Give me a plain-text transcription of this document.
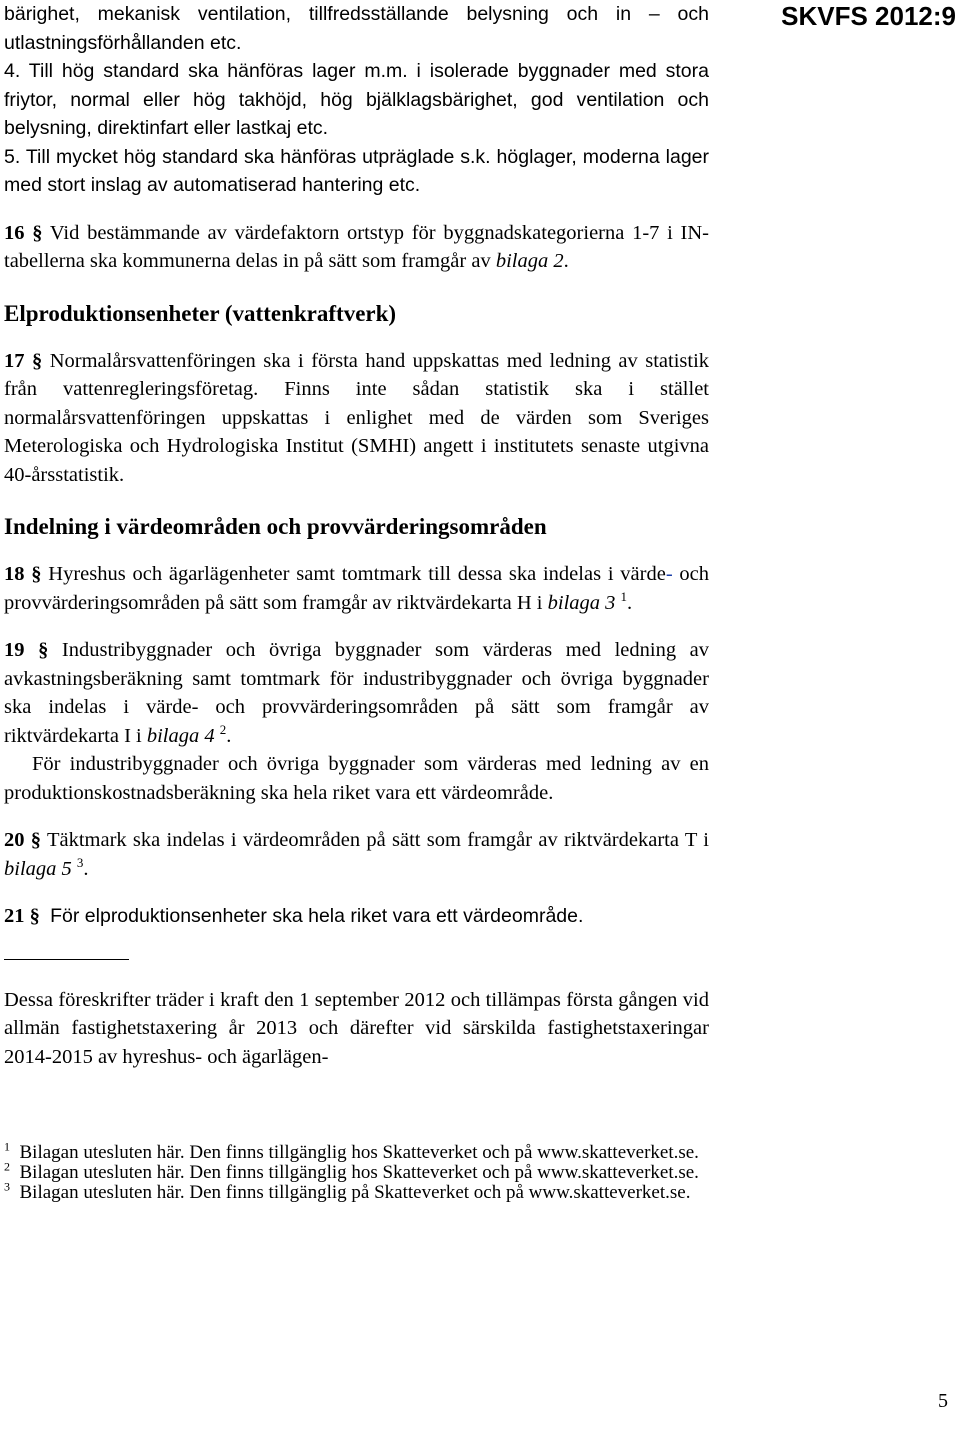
SKVFS 2012:9

bärighet, mekanisk ventilation, tillfredsställande belysning och in – och utlastningsförhållanden etc.

4. Till hög standard ska hänföras lager m.m. i isolerade byggnader med stora friytor, normal eller hög takhöjd, hög bjälklagsbärighet, god ventilation och belysning, direktinfart eller lastkaj etc.

5. Till mycket hög standard ska hänföras utpräglade s.k. höglager, moderna lager med stort inslag av automatiserad hantering etc.

16 § Vid bestämmande av värdefaktorn ortstyp för byggnadskategorierna 1-7 i IN-tabellerna ska kommunerna delas in på sätt som framgår av bilaga 2.

Elproduktionsenheter (vattenkraftverk)

17 § Normalårsvattenföringen ska i första hand uppskattas med ledning av statistik från vattenregleringsföretag. Finns inte sådan statistik ska i stället normalårsvattenföringen uppskattas i enlighet med de värden som Sveriges Meterologiska och Hydrologiska Institut (SMHI) angett i institutets senaste utgivna 40-årsstatistik.

Indelning i värdeområden och provvärderingsområden

18 § Hyreshus och ägarlägenheter samt tomtmark till dessa ska indelas i värde- och provvärderingsområden på sätt som framgår av riktvärdekarta H i bilaga 3 $^1$.

19 § Industribyggnader och övriga byggnader som värderas med ledning av avkastningsberäkning samt tomtmark för industribyggnader och övriga byggnader ska indelas i värde- och provvärderingsområden på sätt som framgår av riktvärdekarta I i bilaga 4 $^2$.

För industribyggnader och övriga byggnader som värderas med ledning av en produktionskostnadsberäkning ska hela riket vara ett värdeområde.

20 § Täktmark ska indelas i värdeområden på sätt som framgår av riktvärdekarta T i bilaga 5 $^3$.

21 § För elproduktionsenheter ska hela riket vara ett värdeområde.

Dessa föreskrifter träder i kraft den 1 september 2012 och tillämpas första gången vid allmän fastighetstaxering år 2013 och därefter vid särskilda fastighetstaxeringar 2014-2015 av hyreshus- och ägarlägen-

$^1$ Bilagan utesluten här. Den finns tillgänglig hos Skatteverket och på www.skatteverket.se.

$^2$ Bilagan utesluten här. Den finns tillgänglig hos Skatteverket och på www.skatteverket.se.

$^3$ Bilagan utesluten här. Den finns tillgänglig på Skatteverket och på www.skatteverket.se.

5
